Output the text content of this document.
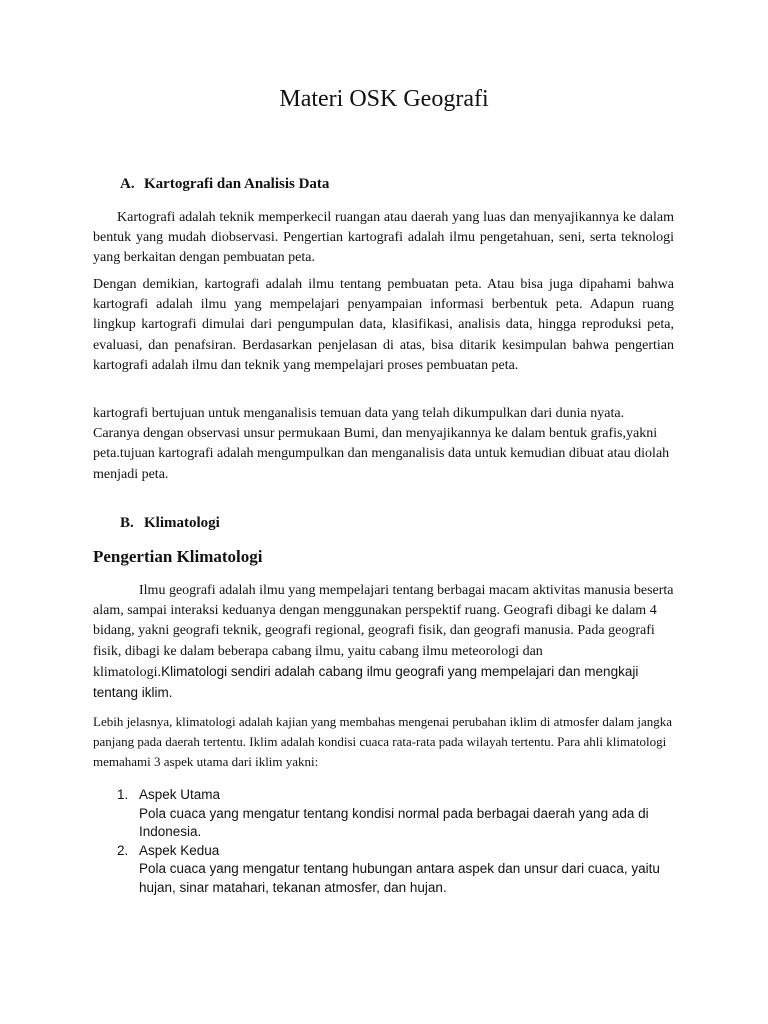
Materi OSK Geografi
A. Kartografi dan Analisis Data

Kartografi adalah teknik memperkecil ruangan atau daerah yang luas dan menyajikannya ke dalam bentuk yang mudah diobservasi. Pengertian kartografi adalah ilmu pengetahuan, seni, serta teknologi yang berkaitan dengan pembuatan peta.

Dengan demikian, kartografi adalah ilmu tentang pembuatan peta. Atau bisa juga dipahami bahwa kartografi adalah ilmu yang mempelajari penyampaian informasi berbentuk peta. Adapun ruang lingkup kartografi dimulai dari pengumpulan data, klasifikasi, analisis data, hingga reproduksi peta, evaluasi, dan penafsiran. Berdasarkan penjelasan di atas, bisa ditarik kesimpulan bahwa pengertian kartografi adalah ilmu dan teknik yang mempelajari proses pembuatan peta.

kartografi bertujuan untuk menganalisis temuan data yang telah dikumpulkan dari dunia nyata. Caranya dengan observasi unsur permukaan Bumi, dan menyajikannya ke dalam bentuk grafis,yakni peta.tujuan kartografi adalah mengumpulkan dan menganalisis data untuk kemudian dibuat atau diolah menjadi peta.

B. Klimatologi
Pengertian Klimatologi

Ilmu geografi adalah ilmu yang mempelajari tentang berbagai macam aktivitas manusia beserta alam, sampai interaksi keduanya dengan menggunakan perspektif ruang. Geografi dibagi ke dalam 4 bidang, yakni geografi teknik, geografi regional, geografi fisik, dan geografi manusia. Pada geografi fisik, dibagi ke dalam beberapa cabang ilmu, yaitu cabang ilmu meteorologi dan klimatologi.Klimatologi sendiri adalah cabang ilmu geografi yang mempelajari dan mengkaji tentang iklim.

Lebih jelasnya, klimatologi adalah kajian yang membahas mengenai perubahan iklim di atmosfer dalam jangka panjang pada daerah tertentu. Iklim adalah kondisi cuaca rata-rata pada wilayah tertentu. Para ahli klimatologi memahami 3 aspek utama dari iklim yakni:

1. Aspek Utama
Pola cuaca yang mengatur tentang kondisi normal pada berbagai daerah yang ada di Indonesia.
2. Aspek Kedua
Pola cuaca yang mengatur tentang hubungan antara aspek dan unsur dari cuaca, yaitu hujan, sinar matahari, tekanan atmosfer, dan hujan.
